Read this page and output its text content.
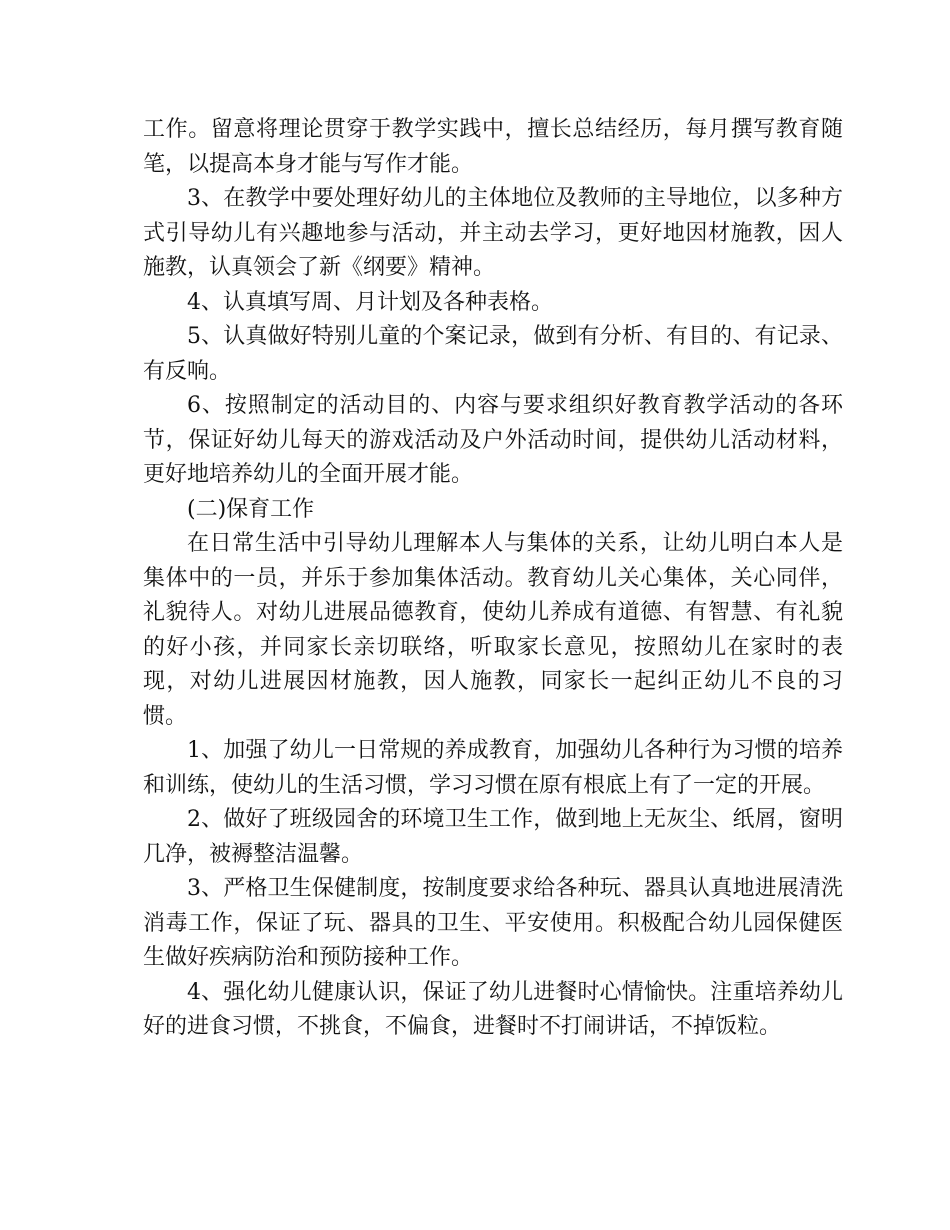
工作。留意将理论贯穿于教学实践中，擅长总结经历，每月撰写教育随笔，以提高本身才能与写作才能。

3、在教学中要处理好幼儿的主体地位及教师的主导地位，以多种方式引导幼儿有兴趣地参与活动，并主动去学习，更好地因材施教，因人施教，认真领会了新《纲要》精神。

4、认真填写周、月计划及各种表格。

5、认真做好特别儿童的个案记录，做到有分析、有目的、有记录、有反响。

6、按照制定的活动目的、内容与要求组织好教育教学活动的各环节，保证好幼儿每天的游戏活动及户外活动时间，提供幼儿活动材料，更好地培养幼儿的全面开展才能。

(二)保育工作

在日常生活中引导幼儿理解本人与集体的关系，让幼儿明白本人是集体中的一员，并乐于参加集体活动。教育幼儿关心集体，关心同伴，礼貌待人。对幼儿进展品德教育，使幼儿养成有道德、有智慧、有礼貌的好小孩，并同家长亲切联络，听取家长意见，按照幼儿在家时的表现，对幼儿进展因材施教，因人施教，同家长一起纠正幼儿不良的习惯。

1、加强了幼儿一日常规的养成教育，加强幼儿各种行为习惯的培养和训练，使幼儿的生活习惯，学习习惯在原有根底上有了一定的开展。

2、做好了班级园舍的环境卫生工作，做到地上无灰尘、纸屑，窗明几净，被褥整洁温馨。

3、严格卫生保健制度，按制度要求给各种玩、器具认真地进展清洗消毒工作，保证了玩、器具的卫生、平安使用。积极配合幼儿园保健医生做好疾病防治和预防接种工作。

4、强化幼儿健康认识，保证了幼儿进餐时心情愉快。注重培养幼儿好的进食习惯，不挑食，不偏食，进餐时不打闹讲话，不掉饭粒。
